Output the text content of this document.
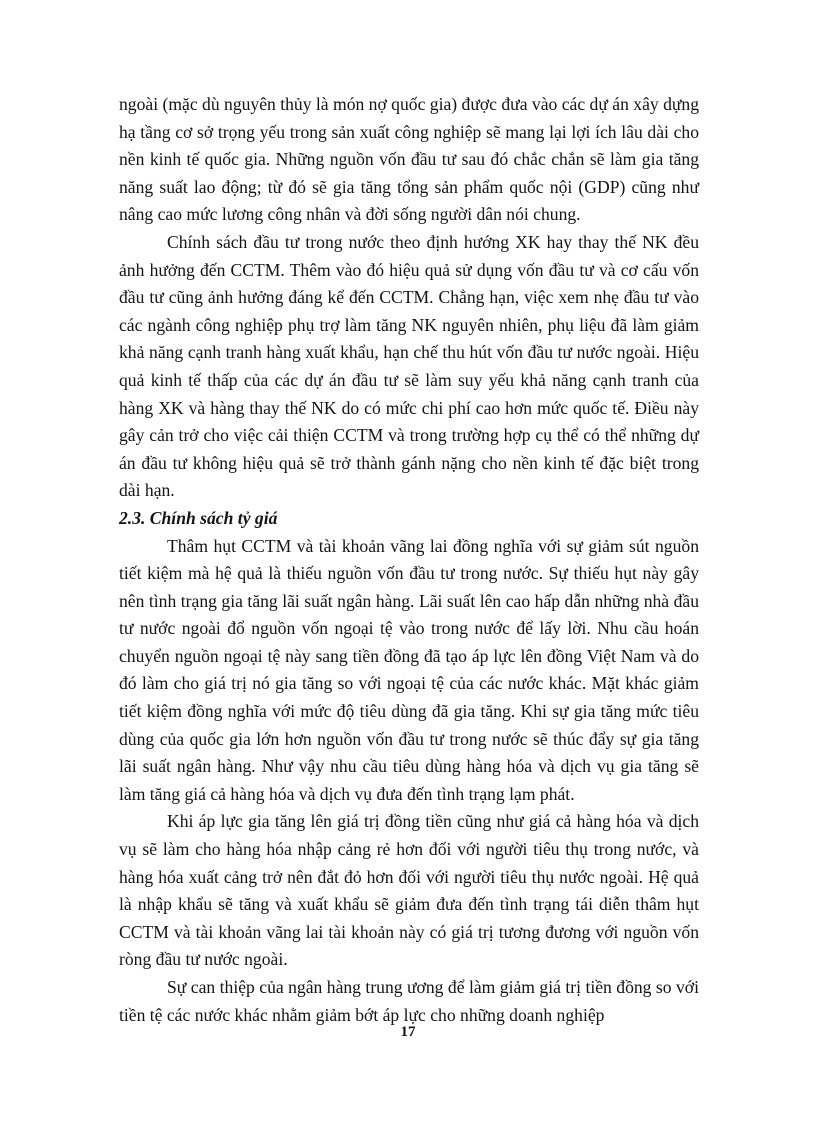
ngoài (mặc dù nguyên thủy là món nợ quốc gia) được đưa vào các dự án xây dựng hạ tầng cơ sở trọng yếu trong sản xuất công nghiệp sẽ mang lại lợi ích lâu dài cho nền kinh tế quốc gia. Những nguồn vốn đầu tư sau đó chắc chắn sẽ làm gia tăng năng suất lao động; từ đó sẽ gia tăng tổng sản phẩm quốc nội (GDP) cũng như nâng cao mức lương công nhân và đời sống người dân nói chung.

Chính sách đầu tư trong nước theo định hướng XK hay thay thế NK đều ảnh hưởng đến CCTM. Thêm vào đó hiệu quả sử dụng vốn đầu tư và cơ cấu vốn đầu tư cũng ảnh hưởng đáng kể đến CCTM. Chẳng hạn, việc xem nhẹ đầu tư vào các ngành công nghiệp phụ trợ làm tăng NK nguyên nhiên, phụ liệu đã làm giảm khả năng cạnh tranh hàng xuất khẩu, hạn chế thu hút vốn đầu tư nước ngoài. Hiệu quả kinh tế thấp của các dự án đầu tư sẽ làm suy yếu khả năng cạnh tranh của hàng XK và hàng thay thế NK do có mức chi phí cao hơn mức quốc tế. Điều này gây cản trở cho việc cải thiện CCTM và trong trường hợp cụ thể có thể những dự án đầu tư không hiệu quả sẽ trở thành gánh nặng cho nền kinh tế đặc biệt trong dài hạn.

2.3. Chính sách tỷ giá

Thâm hụt CCTM và tài khoản vãng lai đồng nghĩa với sự giảm sút nguồn tiết kiệm mà hệ quả là thiếu nguồn vốn đầu tư trong nước. Sự thiếu hụt này gây nên tình trạng gia tăng lãi suất ngân hàng. Lãi suất lên cao hấp dẫn những nhà đầu tư nước ngoài đổ nguồn vốn ngoại tệ vào trong nước để lấy lời. Nhu cầu hoán chuyển nguồn ngoại tệ này sang tiền đồng đã tạo áp lực lên đồng Việt Nam và do đó làm cho giá trị nó gia tăng so với ngoại tệ của các nước khác. Mặt khác giảm tiết kiệm đồng nghĩa với mức độ tiêu dùng đã gia tăng. Khi sự gia tăng mức tiêu dùng của quốc gia lớn hơn nguồn vốn đầu tư trong nước sẽ thúc đẩy sự gia tăng lãi suất ngân hàng. Như vậy nhu cầu tiêu dùng hàng hóa và dịch vụ gia tăng sẽ làm tăng giá cả hàng hóa và dịch vụ đưa đến tình trạng lạm phát.

Khi áp lực gia tăng lên giá trị đồng tiền cũng như giá cả hàng hóa và dịch vụ sẽ làm cho hàng hóa nhập cảng rẻ hơn đối với người tiêu thụ trong nước, và hàng hóa xuất cảng trở nên đắt đỏ hơn đối với người tiêu thụ nước ngoài. Hệ quả là nhập khẩu sẽ tăng và xuất khẩu sẽ giảm đưa đến tình trạng tái diễn thâm hụt CCTM và tài khoản vãng lai tài khoản này có giá trị tương đương với nguồn vốn ròng đầu tư nước ngoài.

Sự can thiệp của ngân hàng trung ương để làm giảm giá trị tiền đồng so với tiền tệ các nước khác nhằm giảm bớt áp lực cho những doanh nghiệp

17
